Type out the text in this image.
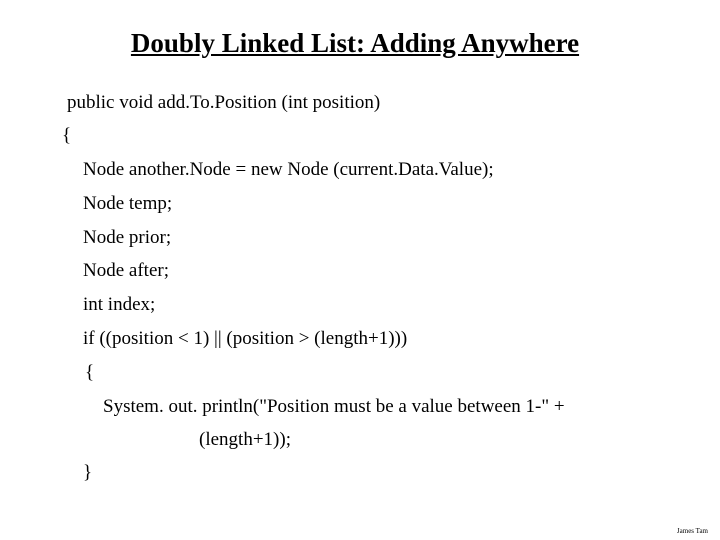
Doubly Linked List: Adding Anywhere
public void add.To.Position (int position)
{
Node another.Node = new Node (current.Data.Value);
Node temp;
Node prior;
Node after;
int index;
if ((position < 1) || (position > (length+1)))
{
System. out. println("Position must be a value between 1-" +
(length+1));
}
James Tam
